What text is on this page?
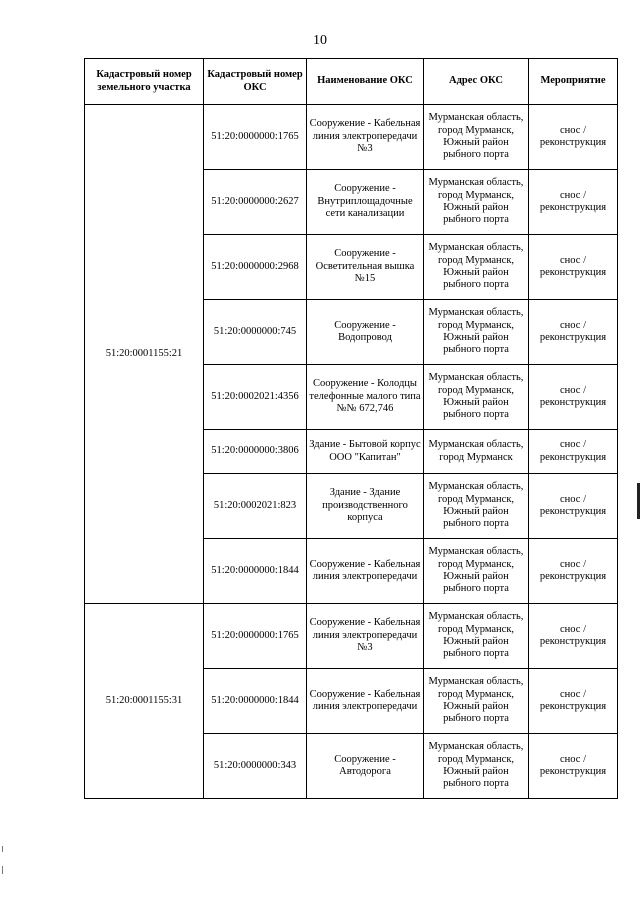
10
Кадастровый номер земельного участка	Кадастровый номер ОКС	Наименование ОКС	Адрес ОКС	Мероприятие
51:20:0001155:21	51:20:0000000:1765	Сооружение - Кабельная линия электропередачи №3	Мурманская область, город Мурманск, Южный район рыбного порта	снос / реконструкция
	51:20:0000000:2627	Сооружение - Внутриплощадочные сети канализации	Мурманская область, город Мурманск, Южный район рыбного порта	снос / реконструкция
	51:20:0000000:2968	Сооружение - Осветительная вышка №15	Мурманская область, город Мурманск, Южный район рыбного порта	снос / реконструкция
	51:20:0000000:745	Сооружение - Водопровод	Мурманская область, город Мурманск, Южный район рыбного порта	снос / реконструкция
	51:20:0002021:4356	Сооружение - Колодцы телефонные малого типа №№ 672,746	Мурманская область, город Мурманск, Южный район рыбного порта	снос / реконструкция
	51:20:0000000:3806	Здание - Бытовой корпус ООО "Капитан"	Мурманская область, город Мурманск	снос / реконструкция
	51:20:0002021:823	Здание - Здание производственного корпуса	Мурманская область, город Мурманск, Южный район рыбного порта	снос / реконструкция
	51:20:0000000:1844	Сооружение - Кабельная линия электропередачи	Мурманская область, город Мурманск, Южный район рыбного порта	снос / реконструкция
51:20:0001155:31	51:20:0000000:1765	Сооружение - Кабельная линия электропередачи №3	Мурманская область, город Мурманск, Южный район рыбного порта	снос / реконструкция
	51:20:0000000:1844	Сооружение - Кабельная линия электропередачи	Мурманская область, город Мурманск, Южный район рыбного порта	снос / реконструкция
	51:20:0000000:343	Сооружение - Автодорога	Мурманская область, город Мурманск, Южный район рыбного порта	снос / реконструкция
